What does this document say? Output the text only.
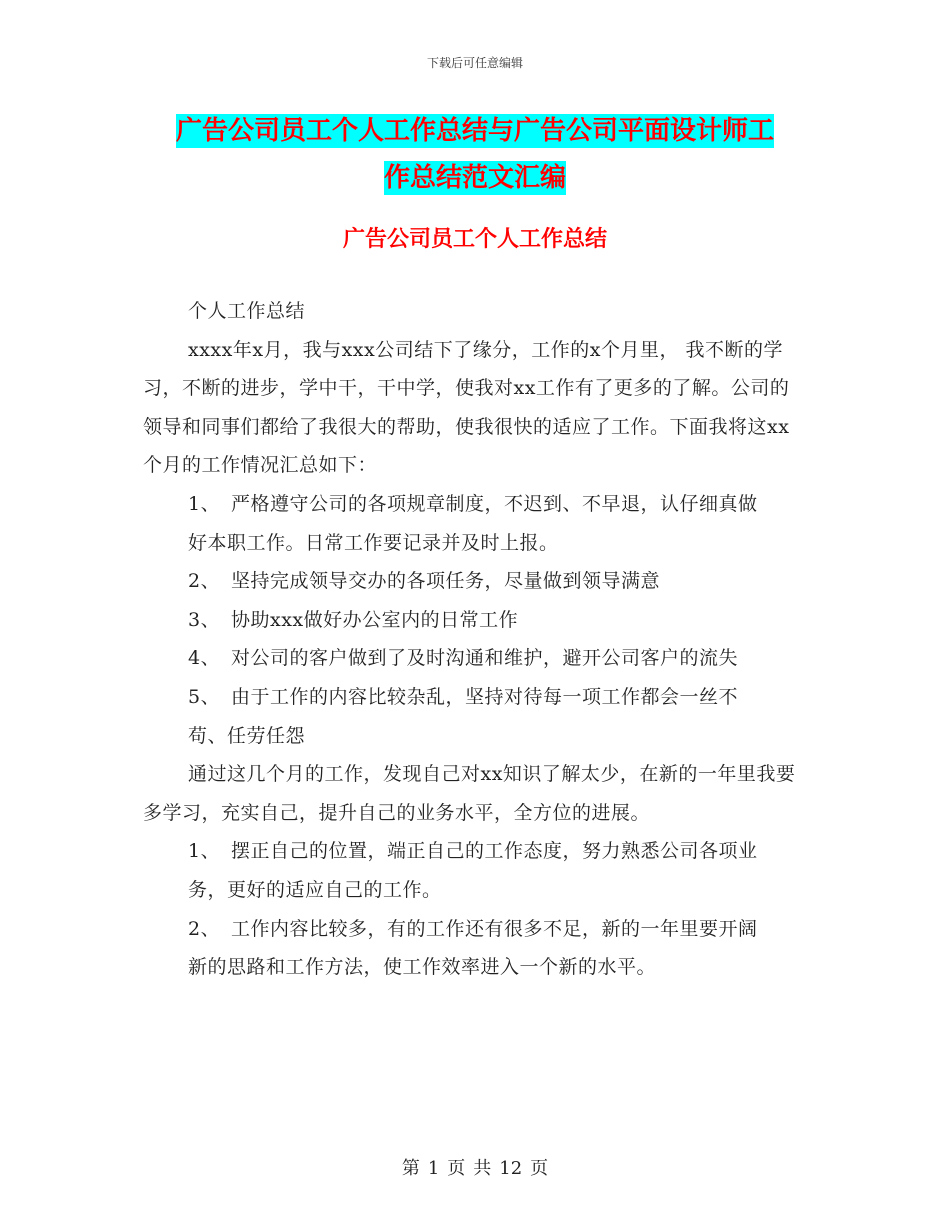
下载后可任意编辑
广告公司员工个人工作总结与广告公司平面设计师工
作总结范文汇编
广告公司员工个人工作总结

个人工作总结

xxxx年x月，我与xxx公司结下了缘分，工作的x个月里， 我不断的学习，不断的进步，学中干，干中学，使我对xx工作有了更多的了解。公司的领导和同事们都给了我很大的帮助，使我很快的适应了工作。下面我将这xx个月的工作情况汇总如下：

1、 严格遵守公司的各项规章制度，不迟到、不早退，认仔细真做

好本职工作。日常工作要记录并及时上报。

2、 坚持完成领导交办的各项任务，尽量做到领导满意

3、 协助xxx做好办公室内的日常工作

4、 对公司的客户做到了及时沟通和维护，避开公司客户的流失

5、 由于工作的内容比较杂乱，坚持对待每一项工作都会一丝不

苟、任劳任怨

通过这几个月的工作，发现自己对xx知识了解太少，在新的一年里我要多学习，充实自己，提升自己的业务水平，全方位的进展。

1、 摆正自己的位置，端正自己的工作态度，努力熟悉公司各项业

务，更好的适应自己的工作。

2、 工作内容比较多，有的工作还有很多不足，新的一年里要开阔

新的思路和工作方法，使工作效率进入一个新的水平。

第 1 页 共 12 页
